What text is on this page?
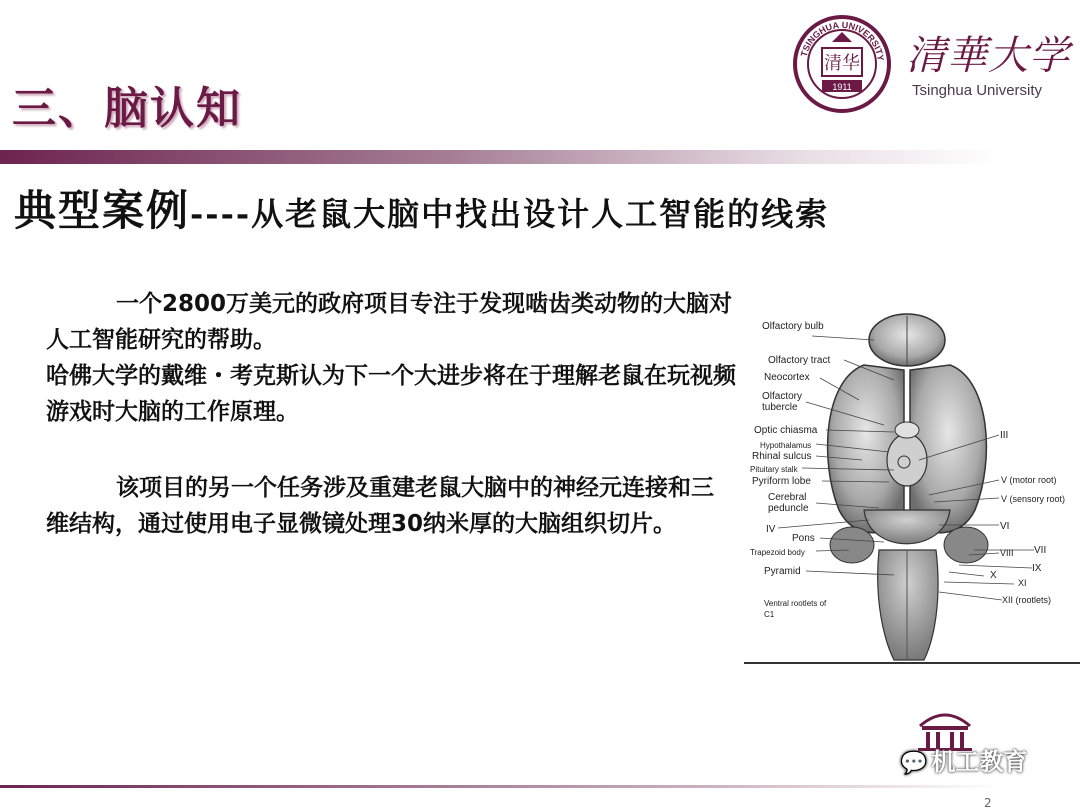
三、脑认知
TSINGHUA UNIVERSITY
清华
1911
清華大学
Tsinghua University
典型案例----从老鼠大脑中找出设计人工智能的线索

一个2800万美元的政府项目专注于发现啮齿类动物的大脑对人工智能研究的帮助。

哈佛大学的戴维・考克斯认为下一个大进步将在于理解老鼠在玩视频游戏时大脑的工作原理。

该项目的另一个任务涉及重建老鼠大脑中的神经元连接和三维结构，通过使用电子显微镜处理30纳米厚的大脑组织切片。

Olfactory bulb
Olfactory tract
Neocortex
Olfactory tubercle
Optic chiasma
Hypothalamus
Rhinal sulcus
Pituitary stalk
Pyriform lobe
Cerebral peduncle
IV
Pons
Trapezoid body
Pyramid
Ventral rootlets of C1
III
V (motor root)
V (sensory root)
VI
VII
VIII
IX
X
XI
XII (rootlets)
💬 机工教育
2
